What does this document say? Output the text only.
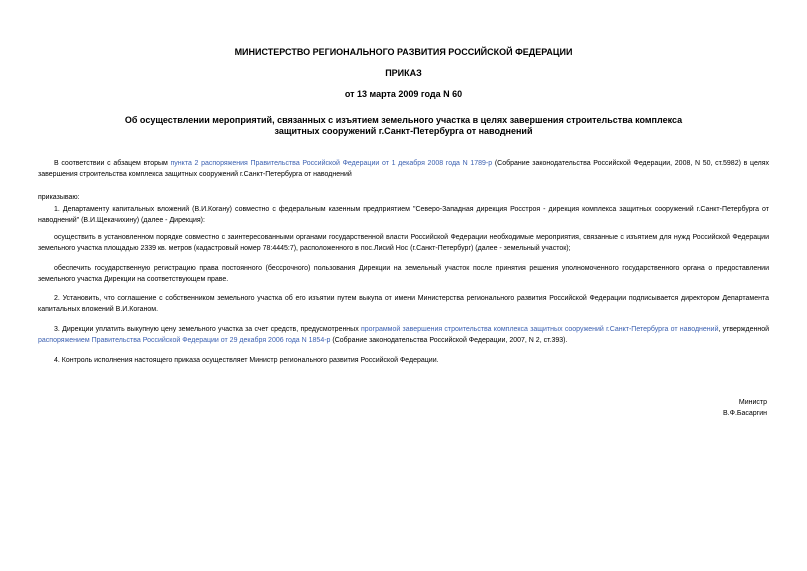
МИНИСТЕРСТВО РЕГИОНАЛЬНОГО РАЗВИТИЯ РОССИЙСКОЙ ФЕДЕРАЦИИ
ПРИКАЗ
от 13 марта 2009 года N 60
Об осуществлении мероприятий, связанных с изъятием земельного участка в целях завершения строительства комплекса защитных сооружений г.Санкт-Петербурга от наводнений

В соответствии с абзацем вторым пункта 2 распоряжения Правительства Российской Федерации от 1 декабря 2008 года N 1789-р (Собрание законодательства Российской Федерации, 2008, N 50, ст.5982) в целях завершения строительства комплекса защитных сооружений г.Санкт-Петербурга от наводнений

приказываю:

1. Департаменту капитальных вложений (В.И.Когану) совместно с федеральным казенным предприятием "Северо-Западная дирекция Росстроя - дирекция комплекса защитных сооружений г.Санкт-Петербурга от наводнений" (В.И.Щекачихину) (далее - Дирекция):

осуществить в установленном порядке совместно с заинтересованными органами государственной власти Российской Федерации необходимые мероприятия, связанные с изъятием для нужд Российской Федерации земельного участка площадью 2339 кв. метров (кадастровый номер 78:4445:7), расположенного в пос.Лисий Нос (г.Санкт-Петербург) (далее - земельный участок);

обеспечить государственную регистрацию права постоянного (бессрочного) пользования Дирекции на земельный участок после принятия решения уполномоченного государственного органа о предоставлении земельного участка Дирекции на соответствующем праве.

2. Установить, что соглашение с собственником земельного участка об его изъятии путем выкупа от имени Министерства регионального развития Российской Федерации подписывается директором Департамента капитальных вложений В.И.Коганом.

3. Дирекции уплатить выкупную цену земельного участка за счет средств, предусмотренных программой завершения строительства комплекса защитных сооружений г.Санкт-Петербурга от наводнений, утвержденной распоряжением Правительства Российской Федерации от 29 декабря 2006 года N 1854-р (Собрание законодательства Российской Федерации, 2007, N 2, ст.393).

4. Контроль исполнения настоящего приказа осуществляет Министр регионального развития Российской Федерации.

Министр
В.Ф.Басаргин
